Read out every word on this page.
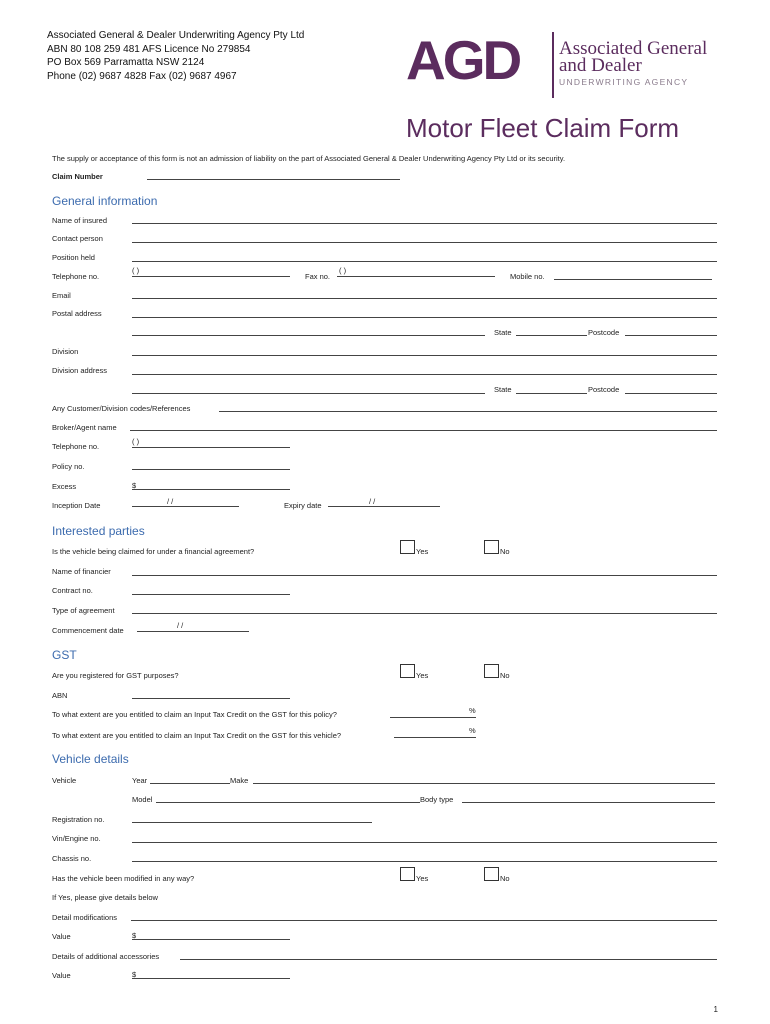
Associated General & Dealer Underwriting Agency Pty Ltd
ABN 80 108 259 481 AFS Licence No 279854
PO Box 569 Parramatta NSW 2124
Phone (02) 9687 4828 Fax (02) 9687 4967	AGD Associated General
and Dealer
UNDERWRITING AGENCY
Motor Fleet Claim Form
The supply or acceptance of this form is not an admission of liability on the part of Associated General & Dealer Underwriting Agency Pty Ltd or its security.
Claim Number
General information
Name of insured
Contact person
Position held
Telephone no.
( )
Fax no.
( )
Mobile no.
Email
Postal address
State	Postcode
Division
Division address
State	Postcode
Any Customer/Division codes/References
Broker/Agent name
Telephone no.
( )
Policy no.
Excess	$
Inception Date	/ /	Expiry date	/ /
Interested parties
Is the vehicle being claimed for under a financial agreement?	Yes	No
Name of financier
Contract no.
Type of agreement
Commencement date
/ /
GST
Are you registered for GST purposes?	Yes	No
ABN
To what extent are you entitled to claim an Input Tax Credit on the GST for this policy?	%
To what extent are you entitled to claim an Input Tax Credit on the GST for this vehicle?
%
Vehicle details
Vehicle	Year	Make
Model	Body type
Registration no.
Vin/Engine no.
Chassis no.
Has the vehicle been modified in any way?	Yes	No
If Yes, please give details below
Detail modifications
Value	$
Details of additional accessories
Value	$
1
